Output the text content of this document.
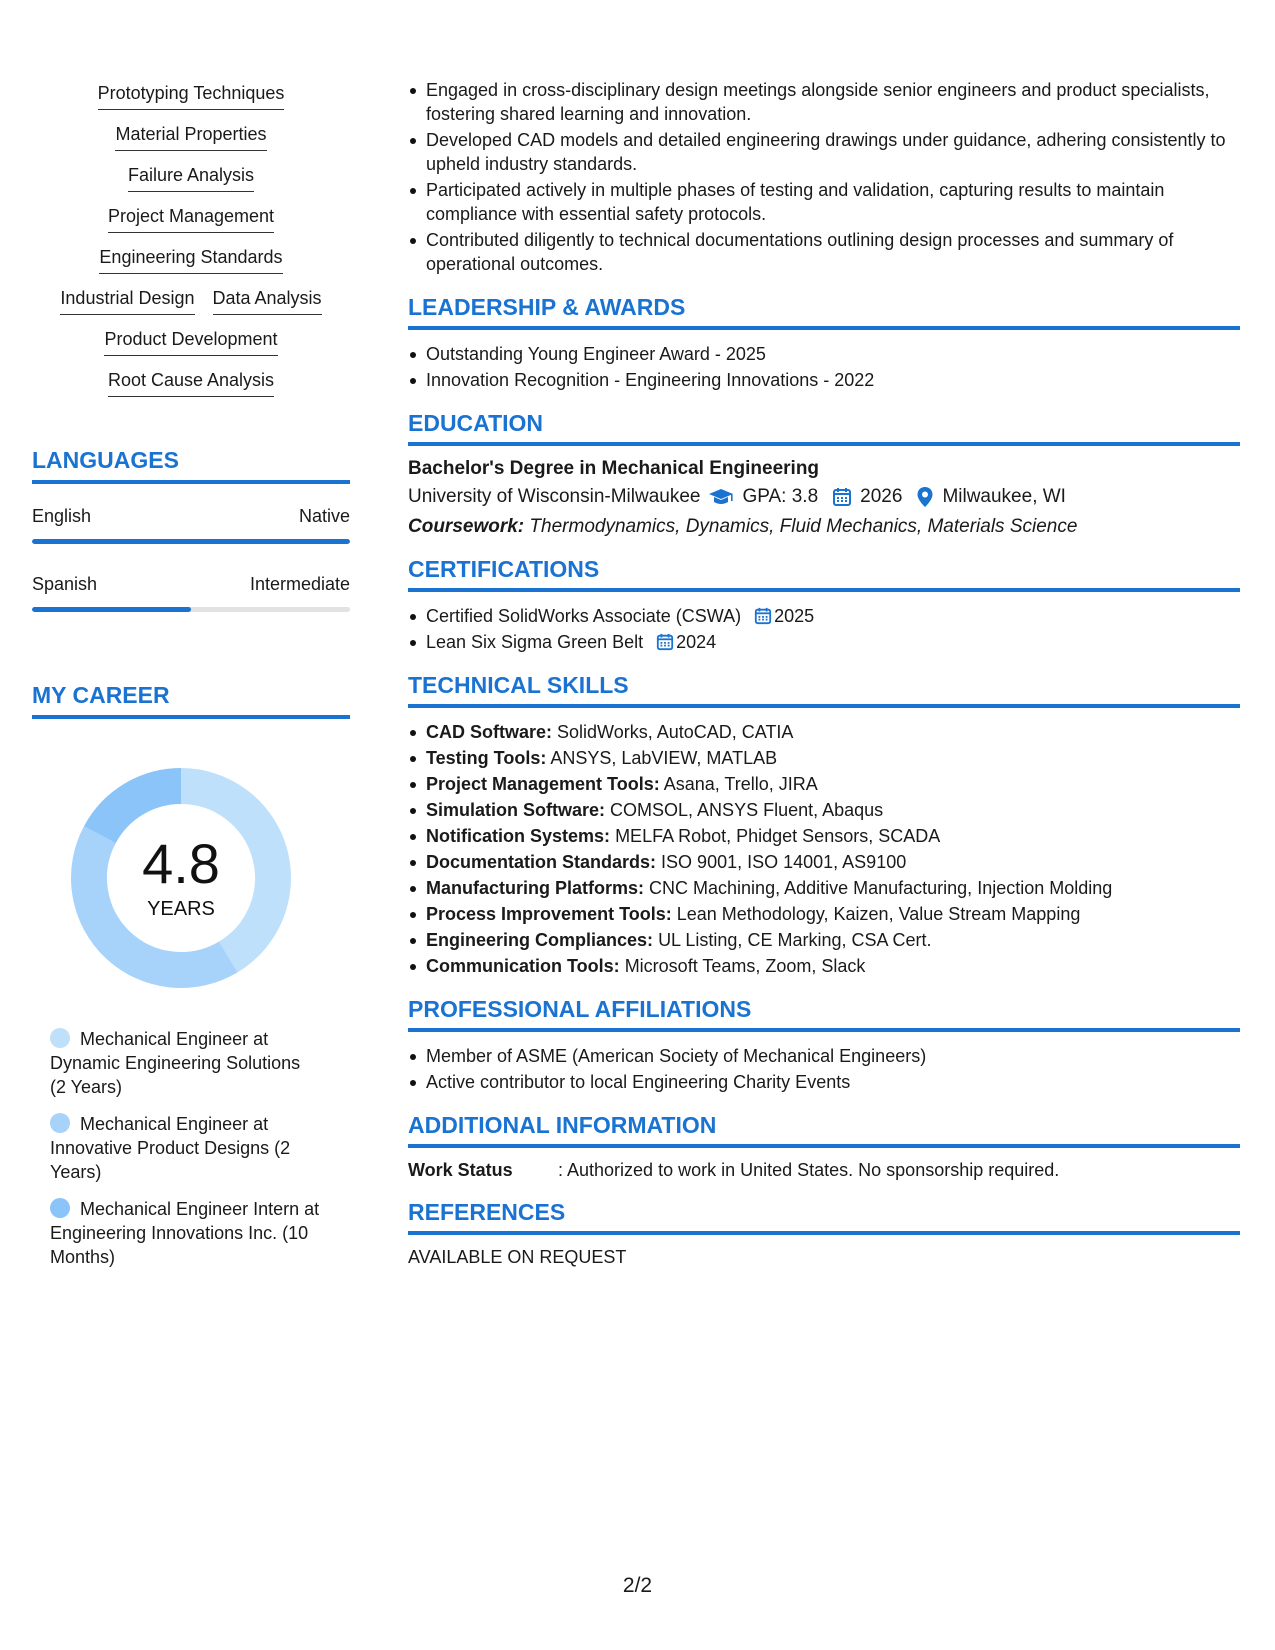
Prototyping Techniques
Material Properties
Failure Analysis
Project Management
Engineering Standards
Industrial Design Data Analysis
Product Development
Root Cause Analysis
LANGUAGES
English	Native
Spanish	Intermediate
MY CAREER
4.8
YEARS
Mechanical Engineer at Dynamic Engineering Solutions (2 Years)
Mechanical Engineer at Innovative Product Designs (2 Years)
Mechanical Engineer Intern at Engineering Innovations Inc. (10 Months)
Engaged in cross-disciplinary design meetings alongside senior engineers and product specialists, fostering shared learning and innovation.
Developed CAD models and detailed engineering drawings under guidance, adhering consistently to upheld industry standards.
Participated actively in multiple phases of testing and validation, capturing results to maintain compliance with essential safety protocols.
Contributed diligently to technical documentations outlining design processes and summary of operational outcomes.
LEADERSHIP & AWARDS
Outstanding Young Engineer Award - 2025
Innovation Recognition - Engineering Innovations - 2022
EDUCATION
Bachelor's Degree in Mechanical Engineering
University of Wisconsin-Milwaukee GPA: 3.8 2026 Milwaukee, WI
Coursework: Thermodynamics, Dynamics, Fluid Mechanics, Materials Science
CERTIFICATIONS
Certified SolidWorks Associate (CSWA) 2025
Lean Six Sigma Green Belt 2024
TECHNICAL SKILLS
CAD Software: SolidWorks, AutoCAD, CATIA
Testing Tools: ANSYS, LabVIEW, MATLAB
Project Management Tools: Asana, Trello, JIRA
Simulation Software: COMSOL, ANSYS Fluent, Abaqus
Notification Systems: MELFA Robot, Phidget Sensors, SCADA
Documentation Standards: ISO 9001, ISO 14001, AS9100
Manufacturing Platforms: CNC Machining, Additive Manufacturing, Injection Molding
Process Improvement Tools: Lean Methodology, Kaizen, Value Stream Mapping
Engineering Compliances: UL Listing, CE Marking, CSA Cert.
Communication Tools: Microsoft Teams, Zoom, Slack
PROFESSIONAL AFFILIATIONS
Member of ASME (American Society of Mechanical Engineers)
Active contributor to local Engineering Charity Events
ADDITIONAL INFORMATION
Work Status	: Authorized to work in United States. No sponsorship required.
REFERENCES
AVAILABLE ON REQUEST
2/2
